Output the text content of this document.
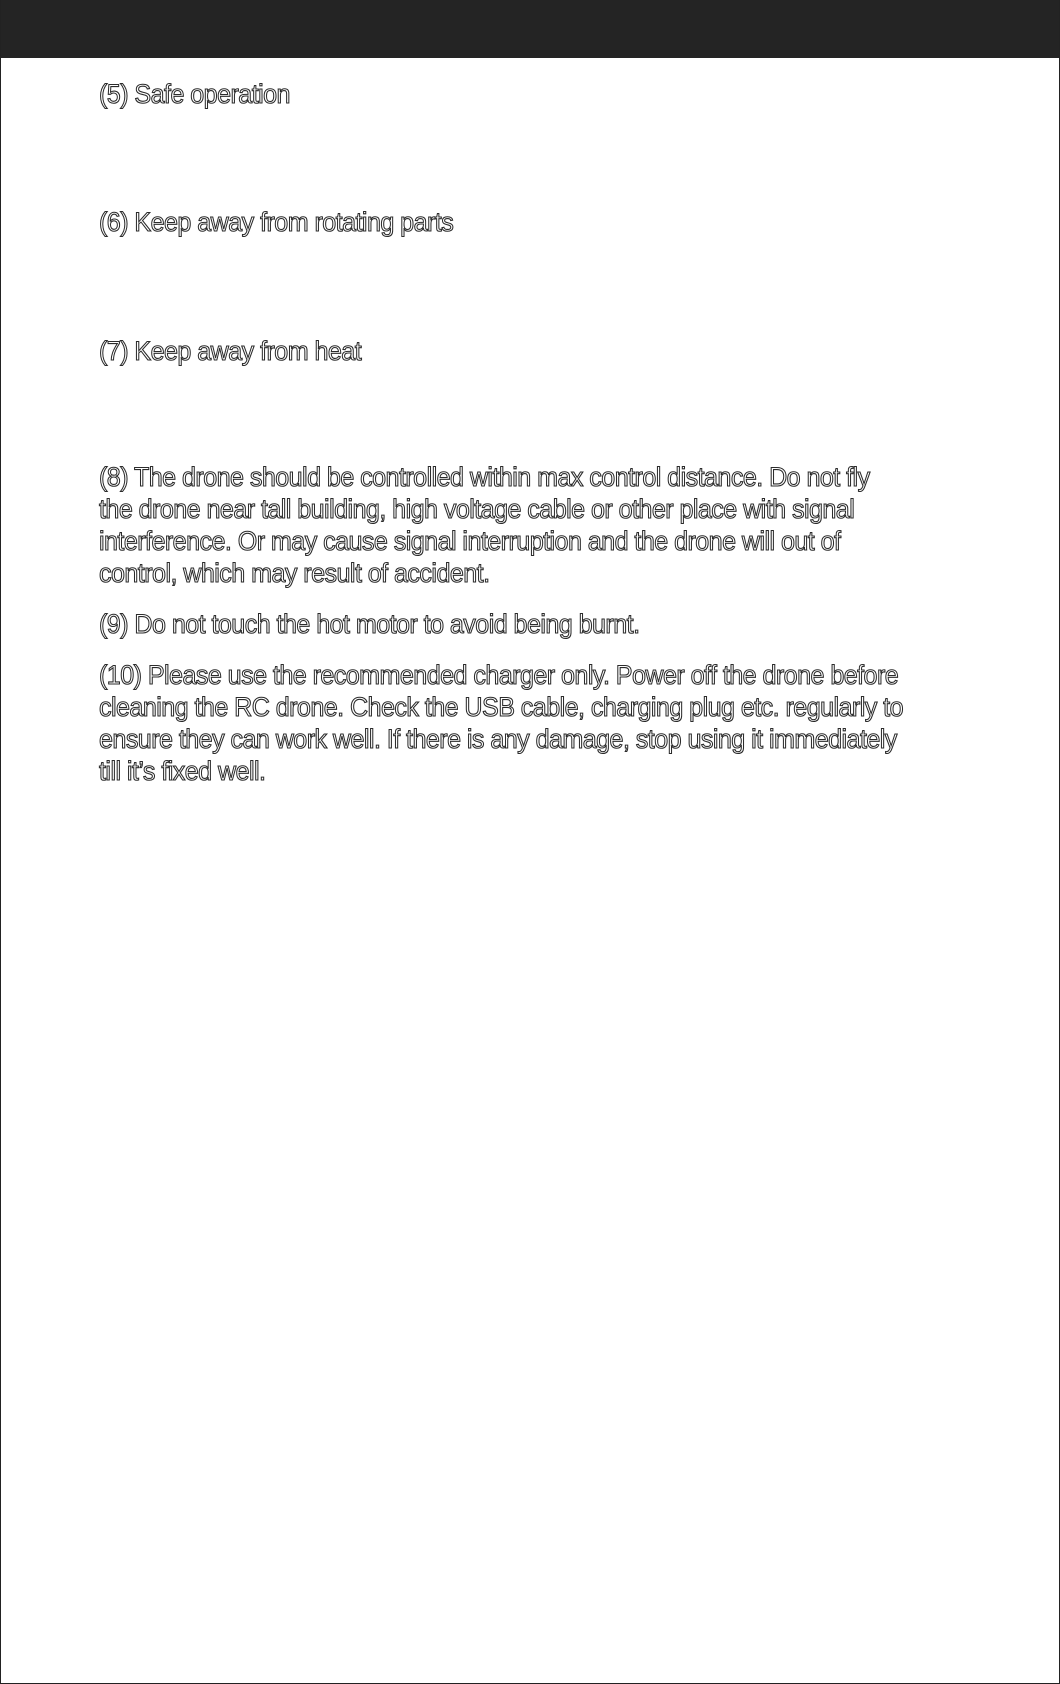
(5) Safe operation

(6) Keep away from rotating parts

(7) Keep away from heat

(8) The drone should be controlled within max control distance. Do not fly the drone near tall building, high voltage cable or other place with signal interference. Or may cause signal interruption and the drone will out of control, which may result of accident.

(9) Do not touch the hot motor to avoid being burnt.

(10) Please use the recommended charger only. Power off the drone before cleaning the RC drone. Check the USB cable, charging plug etc. regularly to ensure they can work well. If there is any damage, stop using it immediately till it’s fixed well.
